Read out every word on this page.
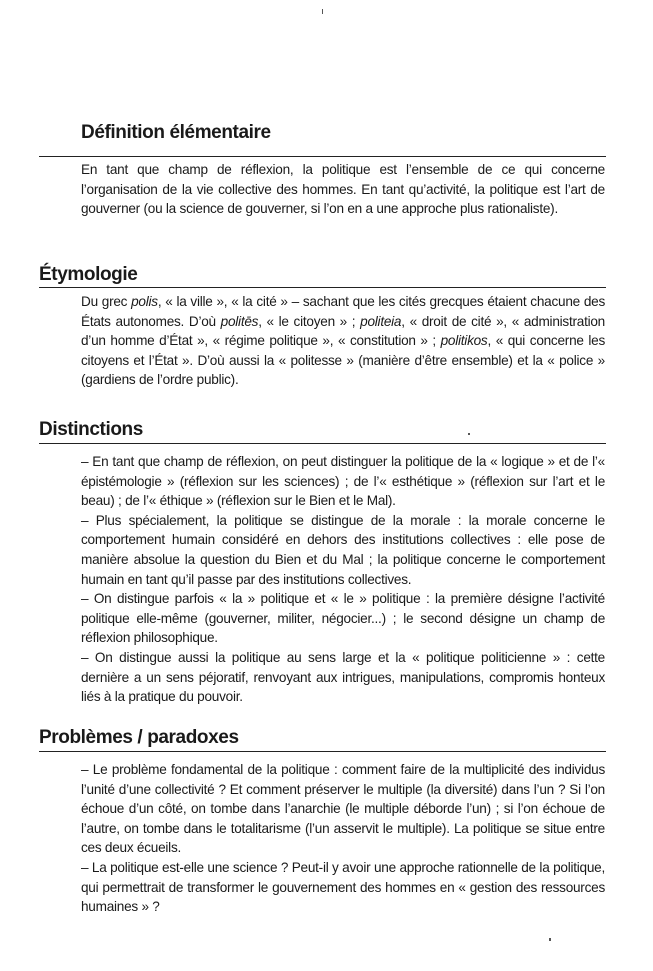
Définition élémentaire

En tant que champ de réflexion, la politique est l’ensemble de ce qui concerne l’organisation de la vie collective des hommes. En tant qu’activité, la politique est l’art de gouverner (ou la science de gouverner, si l’on en a une approche plus rationaliste).

Étymologie

Du grec polis, « la ville », « la cité » – sachant que les cités grecques étaient chacune des États autonomes. D’où politēs, « le citoyen » ; politeia, « droit de cité », « administration d’un homme d’État », « régime politique », « constitution » ; politikos, « qui concerne les citoyens et l’État ». D’où aussi la « politesse » (manière d’être ensemble) et la « police » (gardiens de l’ordre public).

Distinctions

– En tant que champ de réflexion, on peut distinguer la politique de la « logique » et de l’« épistémologie » (réflexion sur les sciences) ; de l’« esthétique » (réflexion sur l’art et le beau) ; de l’« éthique » (réflexion sur le Bien et le Mal).

– Plus spécialement, la politique se distingue de la morale : la morale concerne le comportement humain considéré en dehors des institutions collectives : elle pose de manière absolue la question du Bien et du Mal ; la politique concerne le comportement humain en tant qu’il passe par des institutions collectives.

– On distingue parfois « la » politique et « le » politique : la première désigne l’activité politique elle-même (gouverner, militer, négocier...) ; le second désigne un champ de réflexion philosophique.

– On distingue aussi la politique au sens large et la « politique politicienne » : cette dernière a un sens péjoratif, renvoyant aux intrigues, manipulations, compromis honteux liés à la pratique du pouvoir.

Problèmes / paradoxes

– Le problème fondamental de la politique : comment faire de la multiplicité des individus l’unité d’une collectivité ? Et comment préserver le multiple (la diversité) dans l’un ? Si l’on échoue d’un côté, on tombe dans l’anarchie (le multiple déborde l’un) ; si l’on échoue de l’autre, on tombe dans le totalitarisme (l’un asservit le multiple). La politique se situe entre ces deux écueils.

– La politique est-elle une science ? Peut-il y avoir une approche rationnelle de la politique, qui permettrait de transformer le gouvernement des hommes en « gestion des ressources humaines » ?
